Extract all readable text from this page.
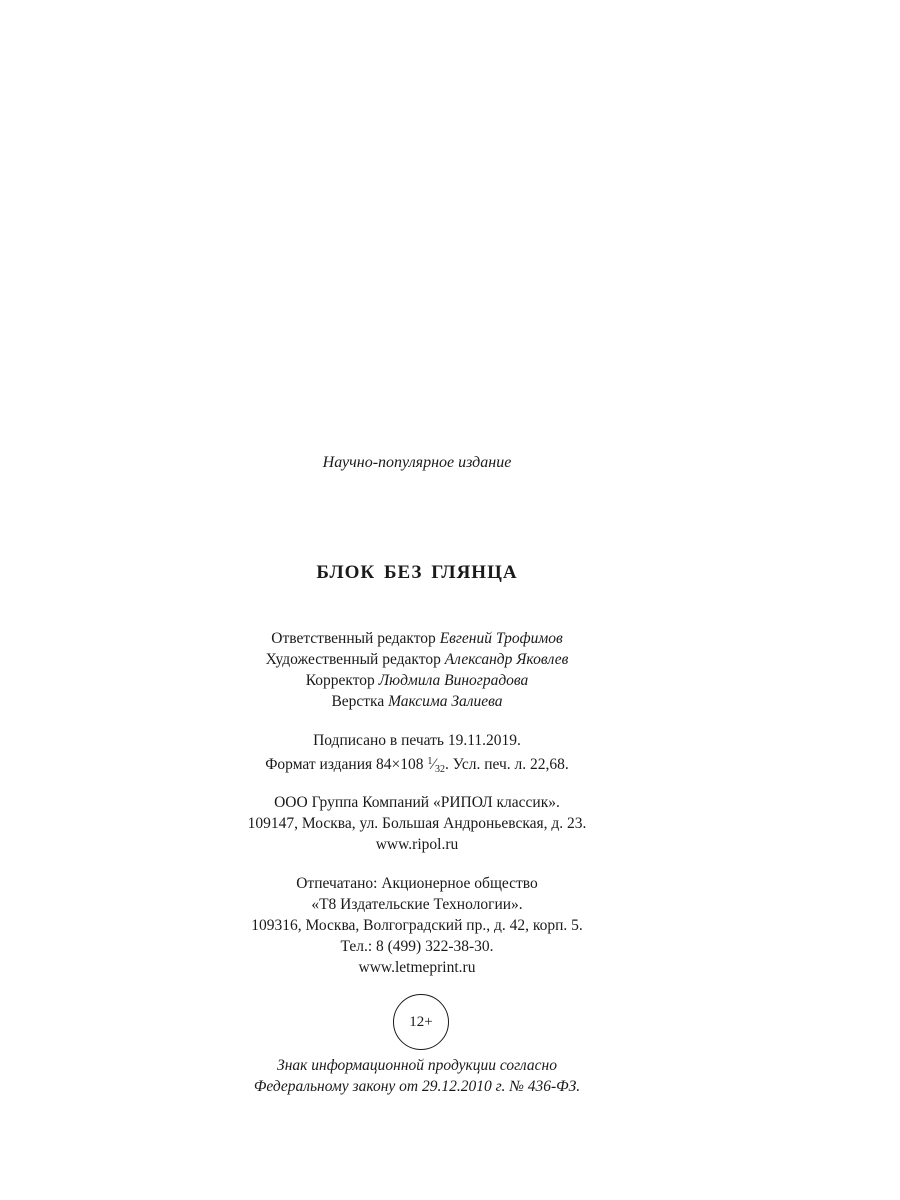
Научно-популярное издание
БЛОК БЕЗ ГЛЯНЦА
Ответственный редактор Евгений Трофимов
Художественный редактор Александр Яковлев
Корректор Людмила Виноградова
Верстка Максима Залиева
Подписано в печать 19.11.2019.
Формат издания 84×108 $^1⁄_{32}$. Усл. печ. л. 22,68.
ООО Группа Компаний «РИПОЛ классик».
109147, Москва, ул. Большая Андроньевская, д. 23.
www.ripol.ru
Отпечатано: Акционерное общество
«Т8 Издательские Технологии».
109316, Москва, Волгоградский пр., д. 42, корп. 5.
Тел.: 8 (499) 322-38-30.
www.letmeprint.ru
12+
Знак информационной продукции согласно
Федеральному закону от 29.12.2010 г. № 436-ФЗ.
